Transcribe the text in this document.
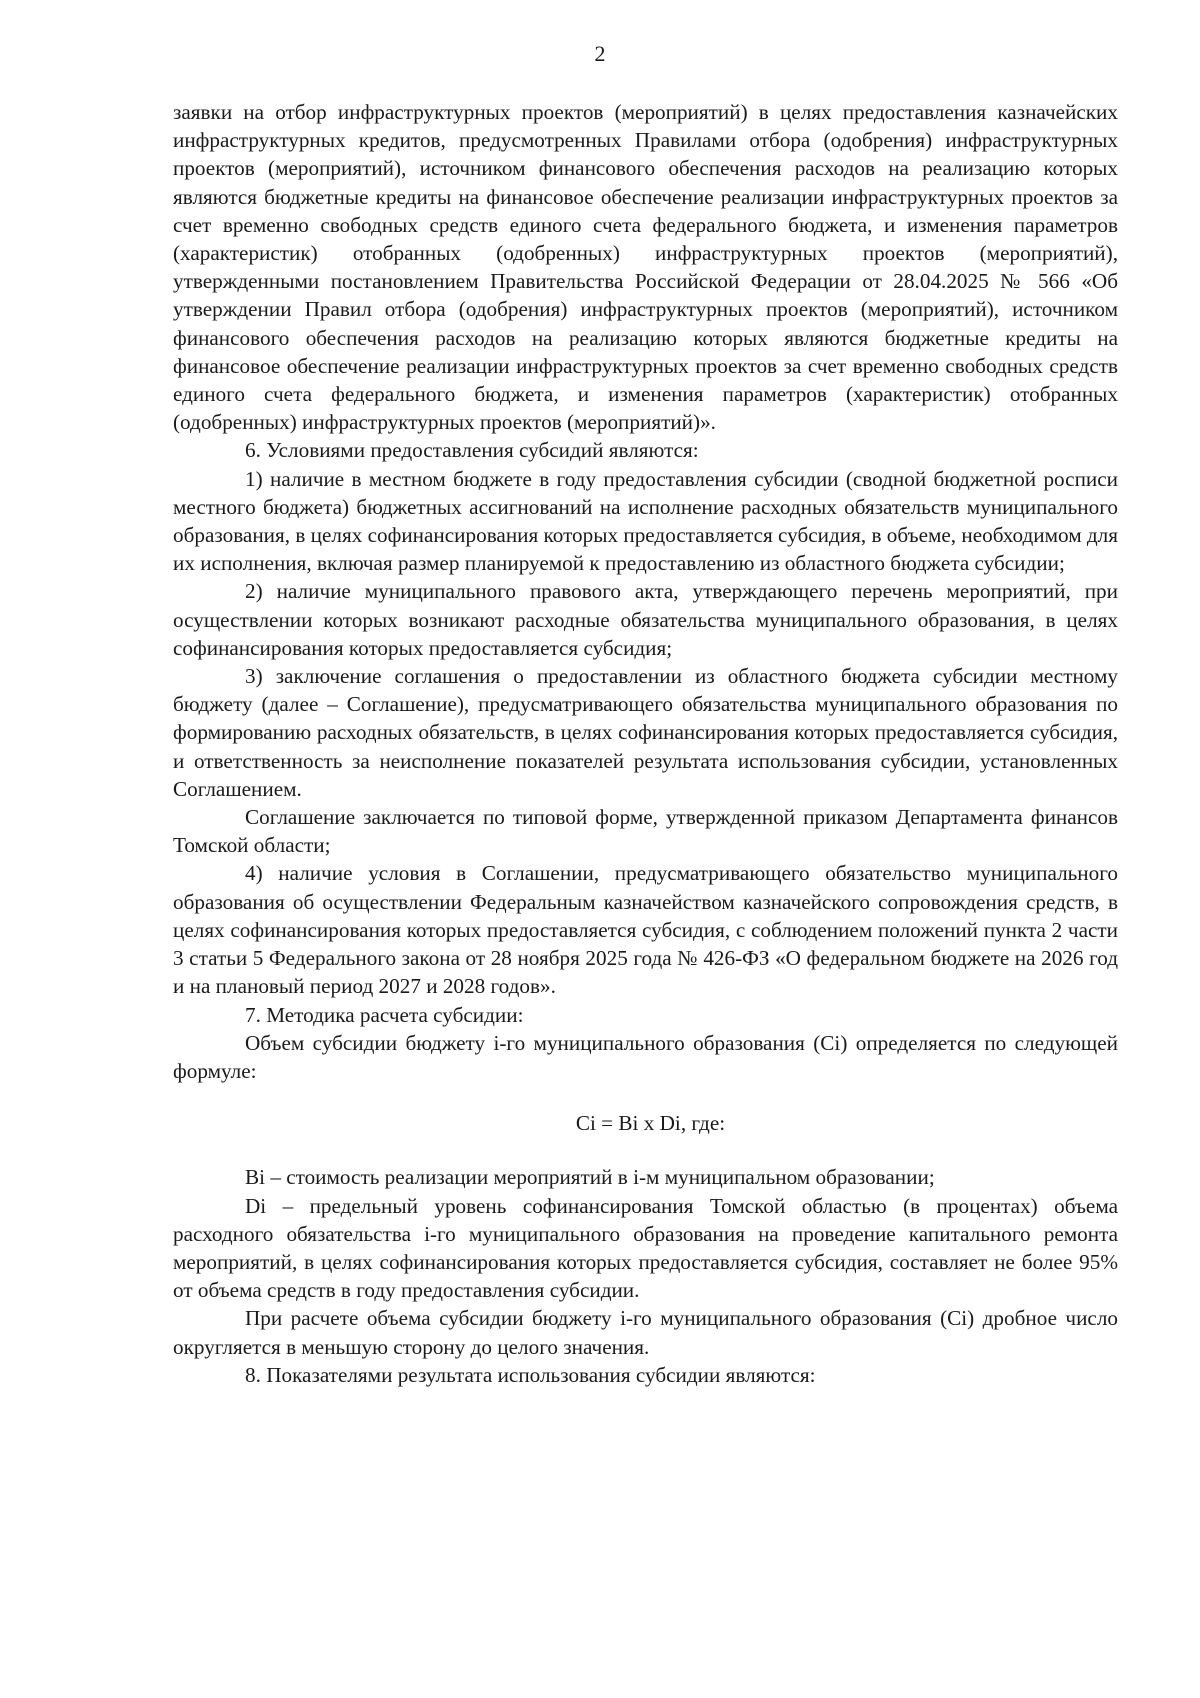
2

заявки на отбор инфраструктурных проектов (мероприятий) в целях предоставления казначейских инфраструктурных кредитов, предусмотренных Правилами отбора (одобрения) инфраструктурных проектов (мероприятий), источником финансового обеспечения расходов на реализацию которых являются бюджетные кредиты на финансовое обеспечение реализации инфраструктурных проектов за счет временно свободных средств единого счета федерального бюджета, и изменения параметров (характеристик) отобранных (одобренных) инфраструктурных проектов (мероприятий), утвержденными постановлением Правительства Российской Федерации от 28.04.2025 № 566 «Об утверждении Правил отбора (одобрения) инфраструктурных проектов (мероприятий), источником финансового обеспечения расходов на реализацию которых являются бюджетные кредиты на финансовое обеспечение реализации инфраструктурных проектов за счет временно свободных средств единого счета федерального бюджета, и изменения параметров (характеристик) отобранных (одобренных) инфраструктурных проектов (мероприятий)».

6. Условиями предоставления субсидий являются:

1) наличие в местном бюджете в году предоставления субсидии (сводной бюджетной росписи местного бюджета) бюджетных ассигнований на исполнение расходных обязательств муниципального образования, в целях софинансирования которых предоставляется субсидия, в объеме, необходимом для их исполнения, включая размер планируемой к предоставлению из областного бюджета субсидии;

2) наличие муниципального правового акта, утверждающего перечень мероприятий, при осуществлении которых возникают расходные обязательства муниципального образования, в целях софинансирования которых предоставляется субсидия;

3) заключение соглашения о предоставлении из областного бюджета субсидии местному бюджету (далее – Соглашение), предусматривающего обязательства муниципального образования по формированию расходных обязательств, в целях софинансирования которых предоставляется субсидия, и ответственность за неисполнение показателей результата использования субсидии, установленных Соглашением.

Соглашение заключается по типовой форме, утвержденной приказом Департамента финансов Томской области;

4) наличие условия в Соглашении, предусматривающего обязательство муниципального образования об осуществлении Федеральным казначейством казначейского сопровождения средств, в целях софинансирования которых предоставляется субсидия, с соблюдением положений пункта 2 части 3 статьи 5 Федерального закона от 28 ноября 2025 года № 426-ФЗ «О федеральном бюджете на 2026 год и на плановый период 2027 и 2028 годов».

7. Методика расчета субсидии:

Объем субсидии бюджету i-го муниципального образования (Ci) определяется по следующей формуле:

Ci = Bi x Di, где:

Bi – стоимость реализации мероприятий в i-м муниципальном образовании;

Di – предельный уровень софинансирования Томской областью (в процентах) объема расходного обязательства i-го муниципального образования на проведение капитального ремонта мероприятий, в целях софинансирования которых предоставляется субсидия, составляет не более 95% от объема средств в году предоставления субсидии.

При расчете объема субсидии бюджету i-го муниципального образования (Ci) дробное число округляется в меньшую сторону до целого значения.

8. Показателями результата использования субсидии являются:
